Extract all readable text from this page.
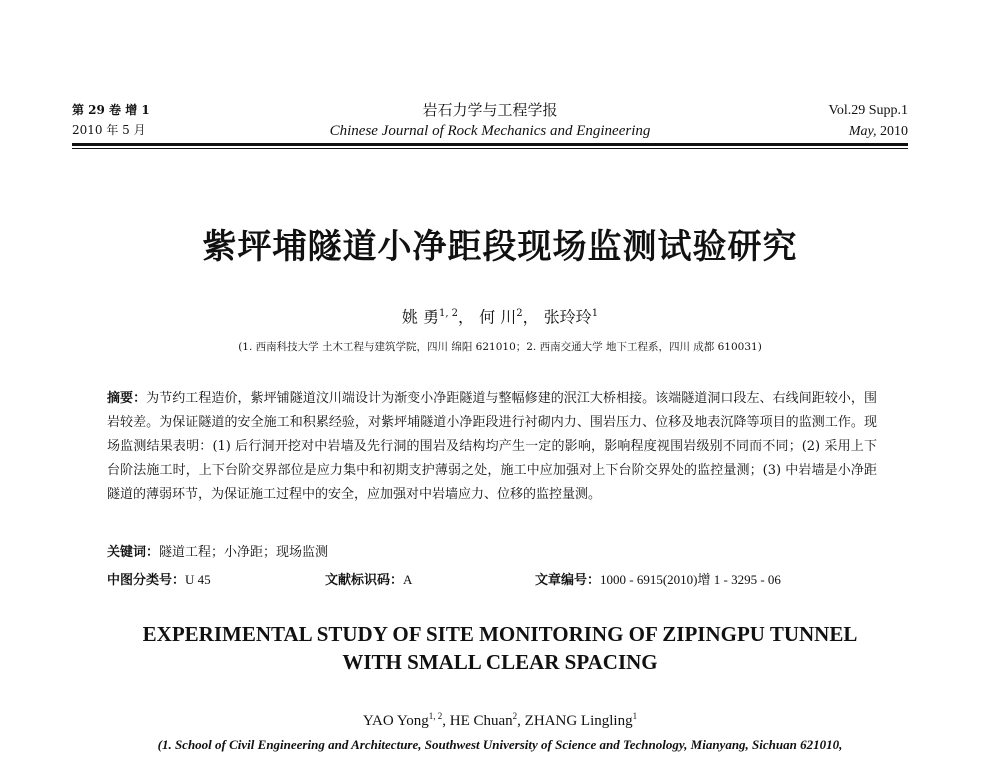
第 29 卷 增 1
2010 年 5 月
岩石力学与工程学报
Chinese Journal of Rock Mechanics and Engineering
Vol.29 Supp.1
May, 2010
紫坪埔隧道小净距段现场监测试验研究
姚 勇$^{1, 2}$， 何 川$^2$， 张玲玲$^1$
(1. 西南科技大学 土木工程与建筑学院，四川 绵阳 621010；2. 西南交通大学 地下工程系，四川 成都 610031)
摘要：为节约工程造价，紫坪铺隧道汶川端设计为渐变小净距隧道与整幅修建的泯江大桥相接。该端隧道洞口段左、右线间距较小，围岩较差。为保证隧道的安全施工和积累经验，对紫坪埔隧道小净距段进行衬砌内力、围岩压力、位移及地表沉降等项目的监测工作。现场监测结果表明：(1) 后行洞开挖对中岩墙及先行洞的围岩及结构均产生一定的影响，影响程度视围岩级别不同而不同；(2) 采用上下台阶法施工时，上下台阶交界部位是应力集中和初期支护薄弱之处，施工中应加强对上下台阶交界处的监控量测；(3) 中岩墙是小净距隧道的薄弱环节，为保证施工过程中的安全，应加强对中岩墙应力、位移的监控量测。
关键词：隧道工程；小净距；现场监测
中图分类号：U 45	文献标识码：A	文章编号：1000 - 6915(2010)增 1 - 3295 - 06
EXPERIMENTAL STUDY OF SITE MONITORING OF ZIPINGPU TUNNEL
WITH SMALL CLEAR SPACING
YAO Yong$^{1, 2}$, HE Chuan$^2$, ZHANG Lingling$^1$
(1. School of Civil Engineering and Architecture, Southwest University of Science and Technology, Mianyang, Sichuan 621010,
